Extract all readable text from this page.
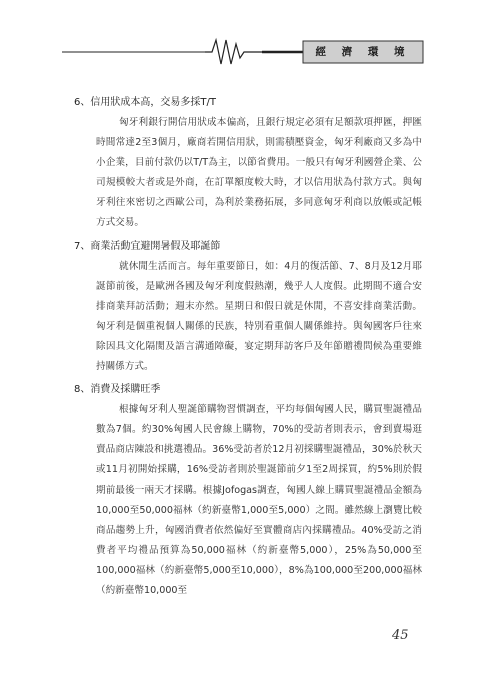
經 濟 環 境

6、信用狀成本高，交易多採T/T

匈牙利銀行開信用狀成本偏高，且銀行規定必須有足額款項押匯，押匯時間常達2至3個月，廠商若開信用狀，則需積壓資金，匈牙利廠商又多為中小企業，目前付款仍以T/T為主，以節省費用。一般只有匈牙利國營企業、公司規模較大者或是外商，在訂單額度較大時，才以信用狀為付款方式。與匈牙利往來密切之西歐公司，為利於業務拓展，多同意匈牙利商以放帳或記帳方式交易。

7、商業活動宜避開暑假及耶誕節

就休閒生活而言。每年重要節日，如：4月的復活節、7、8月及12月耶誕節前後，是歐洲各國及匈牙利度假熱潮，幾乎人人度假。此期間不適合安排商業拜訪活動；週末亦然。星期日和假日就是休閒，不喜安排商業活動。匈牙利是個重視個人關係的民族，特別看重個人關係維持。與匈國客戶往來除因具文化隔閡及語言溝通障礙，宴定期拜訪客戶及年節贈禮問候為重要維持關係方式。

8、消費及採購旺季

根據匈牙利人聖誕節購物習慣調查，平均每個匈國人民，購買聖誕禮品數為7個。約30%匈國人民會線上購物，70%的受訪者則表示，會到賣場逛賣品商店陳設和挑選禮品。36%受訪者於12月初採購聖誕禮品，30%於秋天或11月初開始採購，16%受訪者則於聖誕節前夕1至2周採買，約5%則於假期前最後一兩天才採購。根據Jofogas調查，匈國人線上購買聖誕禮品金額為10,000至50,000福林（約新臺幣1,000至5,000）之間。雖然線上瀏覽比較商品趨勢上升，匈國消費者依然偏好至實體商店內採購禮品。40%受訪之消費者平均禮品預算為50,000福林（約新臺幣5,000），25%為50,000至100,000福林（約新臺幣5,000至10,000），8%為100,000至200,000福林（約新臺幣10,000至

45
